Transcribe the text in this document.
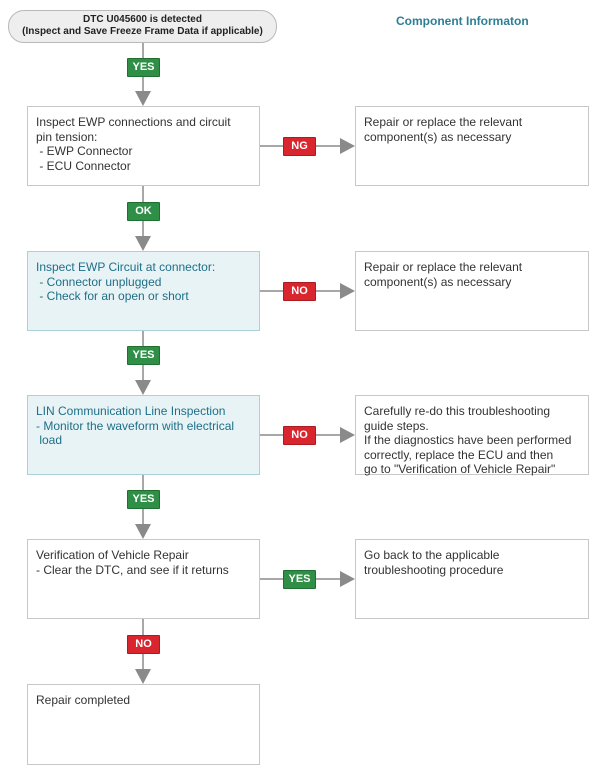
DTC U045600 is detected
(Inspect and Save Freeze Frame Data if applicable)
Component Informaton
YES
OK
YES
YES
NO
Inspect EWP connections and circuit
pin tension:
- EWP Connector
- ECU Connector
NG
Repair or replace the relevant
component(s) as necessary
Inspect EWP Circuit at connector:
- Connector unplugged
- Check for an open or short	NO
Repair or replace the relevant
component(s) as necessary
LIN Communication Line Inspection
- Monitor the waveform with electrical
load	NO
Carefully re-do this troubleshooting
guide steps.
If the diagnostics have been performed
correctly, replace the ECU and then
go to "Verification of Vehicle Repair"
Verification of Vehicle Repair
- Clear the DTC, and see if it returns
YES
Go back to the applicable
troubleshooting procedure
Repair completed
